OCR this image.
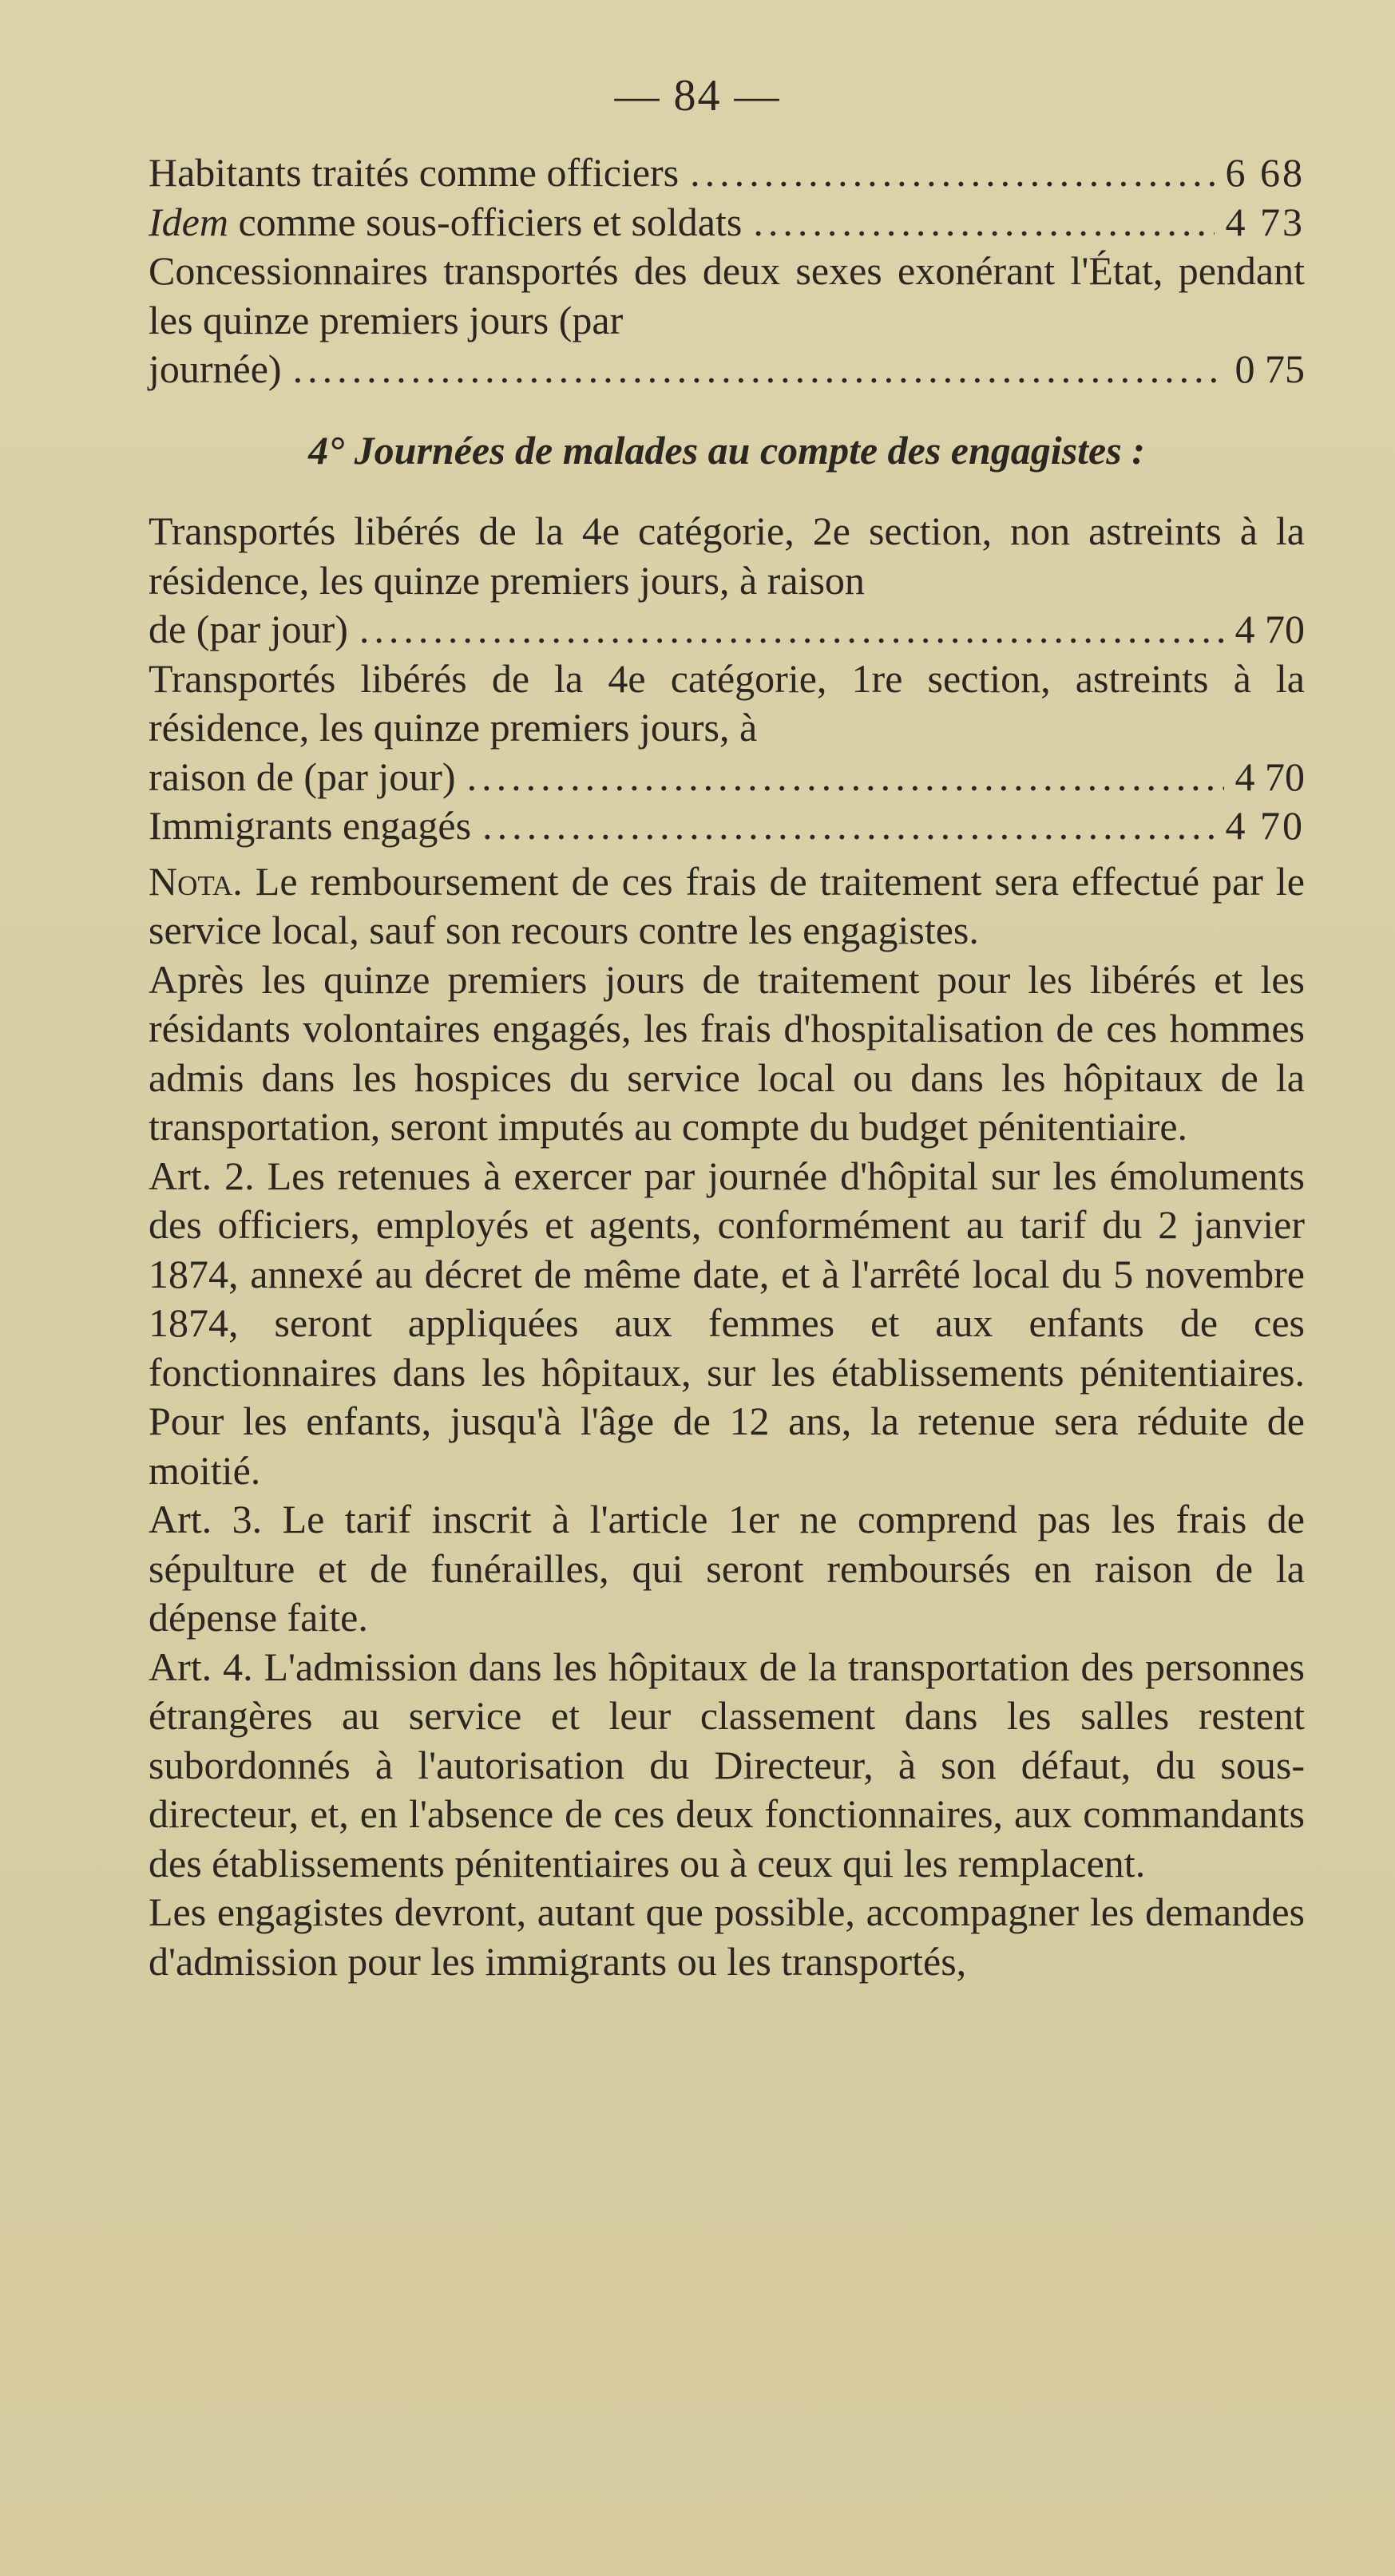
— 84 —
Habitants traités comme officiers .....	6 68
Idem comme sous-officiers et soldats .....	4 73
Concessionnaires transportés des deux sexes exonérant l'État, pendant les quinze premiers jours (par
journée) .....	0 75
4° Journées de malades au compte des engagistes :
Transportés libérés de la 4e catégorie, 2e section, non astreints à la résidence, les quinze premiers jours, à raison
de (par jour) .....	4 70
Transportés libérés de la 4e catégorie, 1re section, astreints à la résidence, les quinze premiers jours, à
raison de (par jour) .....	4 70
Immigrants engagés .....	4 70

Nota. Le remboursement de ces frais de traitement sera effectué par le service local, sauf son recours contre les engagistes.

Après les quinze premiers jours de traitement pour les libérés et les résidants volontaires engagés, les frais d'hospitalisation de ces hommes admis dans les hospices du service local ou dans les hôpitaux de la transportation, seront imputés au compte du budget pénitentiaire.

Art. 2. Les retenues à exercer par journée d'hôpital sur les émoluments des officiers, employés et agents, conformément au tarif du 2 janvier 1874, annexé au décret de même date, et à l'arrêté local du 5 novembre 1874, seront appliquées aux femmes et aux enfants de ces fonctionnaires dans les hôpitaux, sur les établissements pénitentiaires. Pour les enfants, jusqu'à l'âge de 12 ans, la retenue sera réduite de moitié.

Art. 3. Le tarif inscrit à l'article 1er ne comprend pas les frais de sépulture et de funérailles, qui seront remboursés en raison de la dépense faite.

Art. 4. L'admission dans les hôpitaux de la transportation des personnes étrangères au service et leur classement dans les salles restent subordonnés à l'autorisation du Directeur, à son défaut, du sous-directeur, et, en l'absence de ces deux fonctionnaires, aux commandants des établissements pénitentiaires ou à ceux qui les remplacent.

Les engagistes devront, autant que possible, accompagner les demandes d'admission pour les immigrants ou les transportés,
